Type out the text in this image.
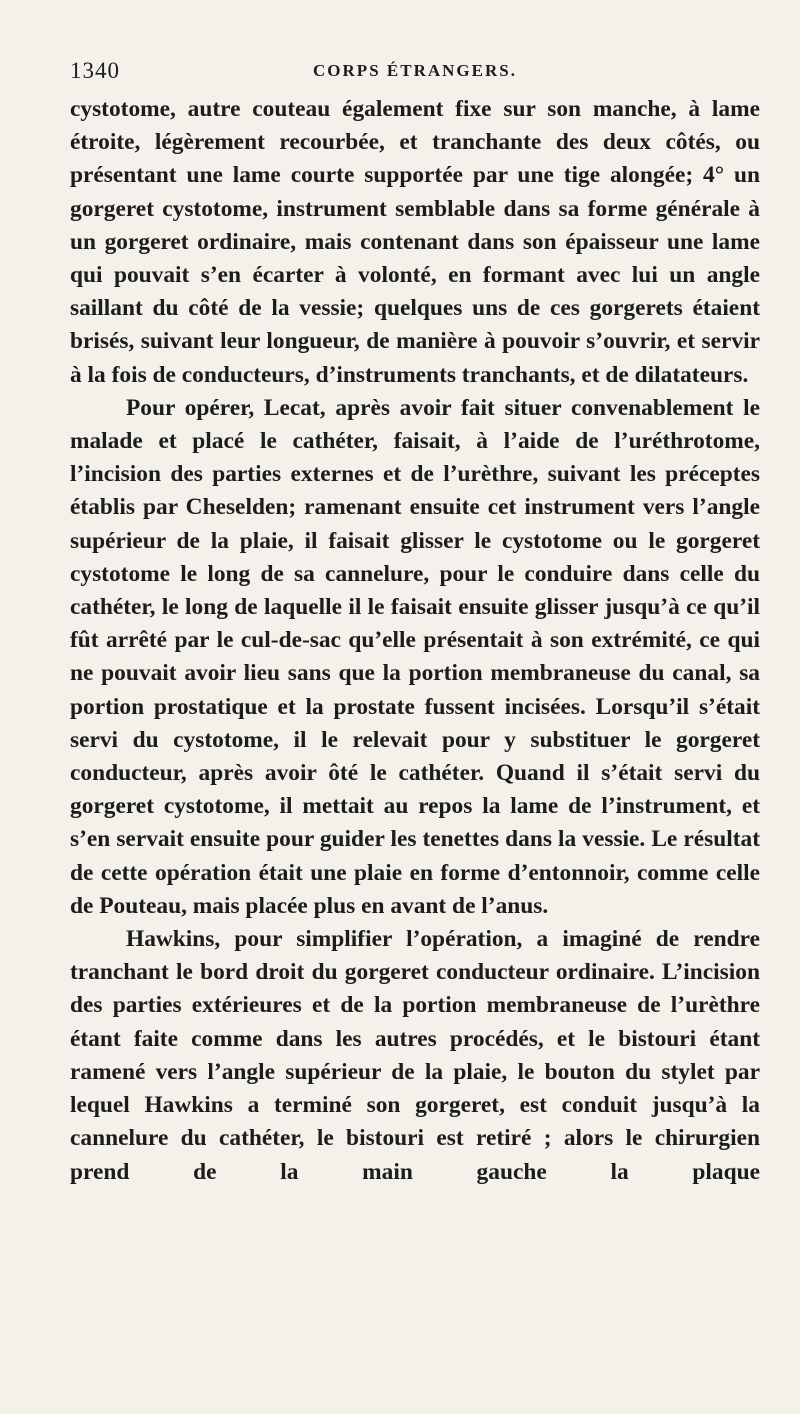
1340	CORPS ÉTRANGERS.

cystotome, autre couteau également fixe sur son manche, à lame étroite, légèrement recourbée, et tranchante des deux côtés, ou présentant une lame courte supportée par une tige alongée; 4° un gorgeret cystotome, instrument semblable dans sa forme générale à un gorgeret ordinaire, mais contenant dans son épaisseur une lame qui pouvait s’en écarter à volonté, en formant avec lui un angle saillant du côté de la vessie; quelques uns de ces gorgerets étaient brisés, suivant leur longueur, de manière à pouvoir s’ouvrir, et servir à la fois de conducteurs, d’instruments tranchants, et de dilatateurs.

Pour opérer, Lecat, après avoir fait situer convenablement le malade et placé le cathéter, faisait, à l’aide de l’uréthrotome, l’incision des parties externes et de l’urèthre, suivant les préceptes établis par Cheselden; ramenant ensuite cet instrument vers l’angle supérieur de la plaie, il faisait glisser le cystotome ou le gorgeret cystotome le long de sa cannelure, pour le conduire dans celle du cathéter, le long de laquelle il le faisait ensuite glisser jusqu’à ce qu’il fût arrêté par le cul-de-sac qu’elle présentait à son extrémité, ce qui ne pouvait avoir lieu sans que la portion membraneuse du canal, sa portion prostatique et la prostate fussent incisées. Lorsqu’il s’était servi du cystotome, il le relevait pour y substituer le gorgeret conducteur, après avoir ôté le cathéter. Quand il s’était servi du gorgeret cystotome, il mettait au repos la lame de l’instrument, et s’en servait ensuite pour guider les tenettes dans la vessie. Le résultat de cette opération était une plaie en forme d’entonnoir, comme celle de Pouteau, mais placée plus en avant de l’anus.

Hawkins, pour simplifier l’opération, a imaginé de rendre tranchant le bord droit du gorgeret conducteur ordinaire. L’incision des parties extérieures et de la portion membraneuse de l’urèthre étant faite comme dans les autres procédés, et le bistouri étant ramené vers l’angle supérieur de la plaie, le bouton du stylet par lequel Hawkins a terminé son gorgeret, est conduit jusqu’à la cannelure du cathéter, le bistouri est retiré ; alors le chirurgien prend de la main gauche la plaque
